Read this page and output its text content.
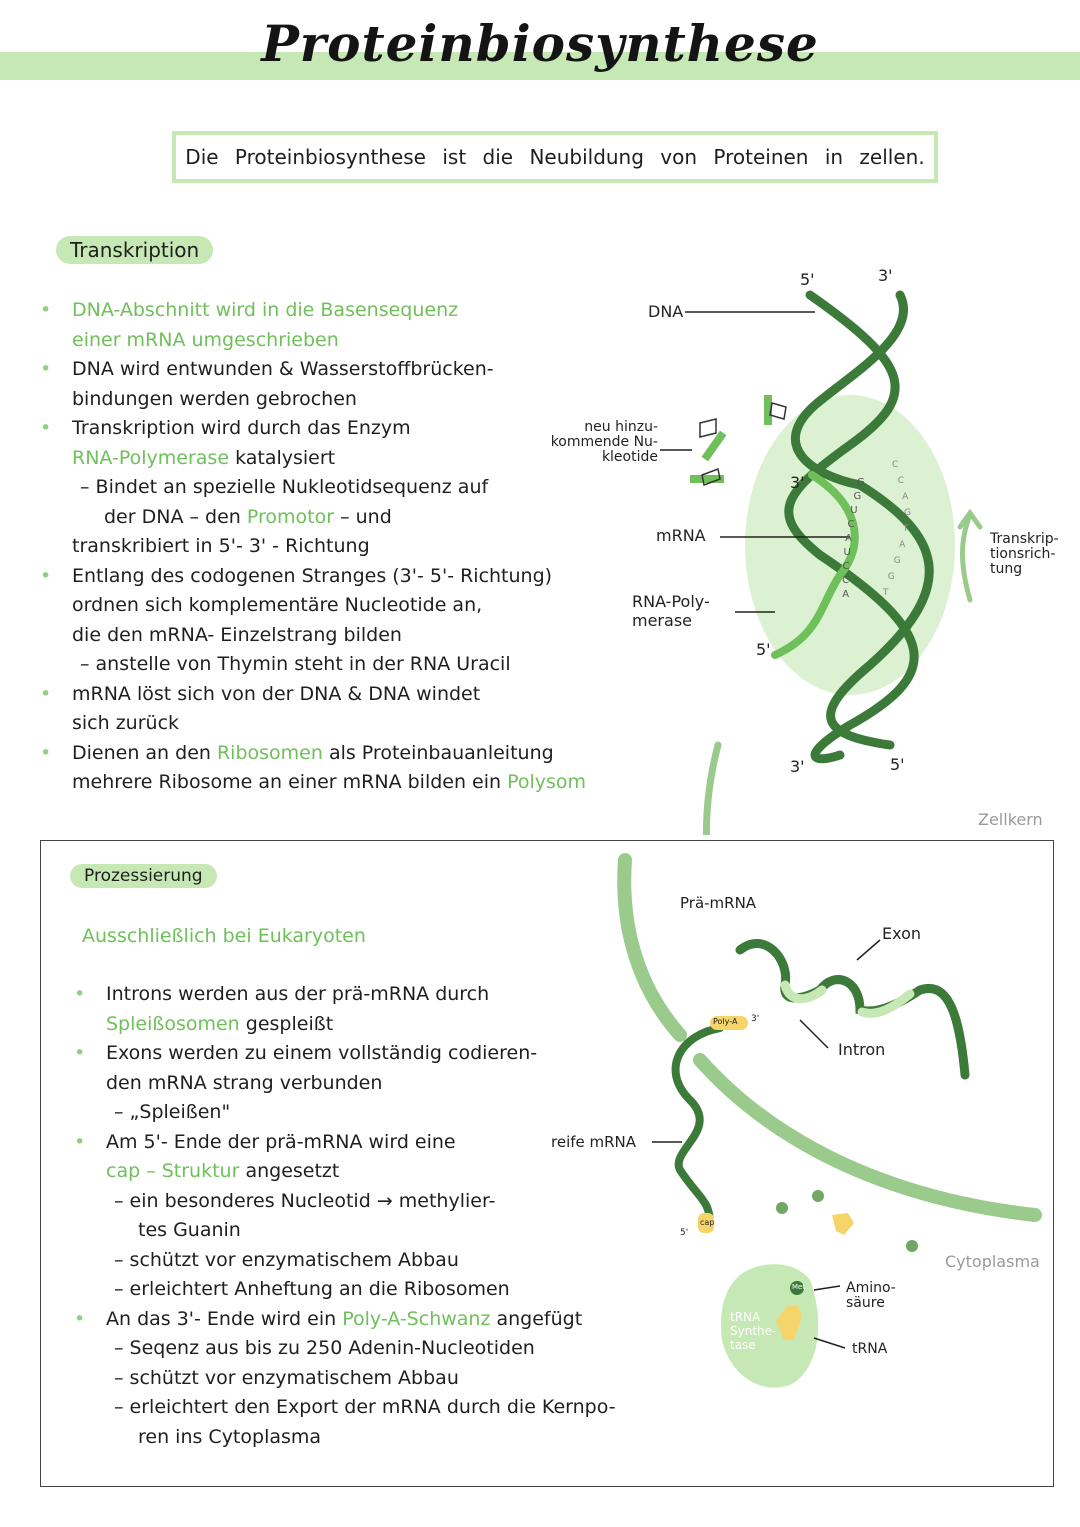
Proteinbiosynthese
Die Proteinbiosynthese ist die Neubildung von Proteinen in zellen.
Transkription
• DNA-Abschnitt wird in die Basensequenz
einer mRNA umgeschrieben
• DNA wird entwunden & Wasserstoffbrücken-
bindungen werden gebrochen
• Transkription wird durch das Enzym
RNA-Polymerase katalysiert
– Bindet an spezielle Nukleotidsequenz auf
der DNA – den Promotor – und
transkribiert in 5'- 3' - Richtung
• Entlang des codogenen Stranges (3'- 5'- Richtung)
ordnen sich komplementäre Nucleotide an,
die den mRNA- Einzelstrang bilden
– anstelle von Thymin steht in der RNA Uracil
• mRNA löst sich von der DNA & DNA windet
sich zurück
• Dienen an den Ribosomen als Proteinbauanleitung
mehrere Ribosome an einer mRNA bilden ein Polysom
G
G
U
C
A
U
C
C
A
C
C
A
G
T
A
G
G
T
5'	3'
3'	5'
3'
5'
DNA
neu hinzu-
kommende Nu-
kleotide
mRNA
RNA-Poly-
merase
Transkrip-
tionsrich-
tung
Zellkern
Prozessierung
Ausschließlich bei Eukaryoten
• Introns werden aus der prä-mRNA durch
Spleißosomen gespleißt
• Exons werden zu einem vollständig codieren-
den mRNA strang verbunden
– „Spleißen"
• Am 5'- Ende der prä-mRNA wird eine
cap – Struktur angesetzt
– ein besonderes Nucleotid → methylier-
tes Guanin
– schützt vor enzymatischem Abbau
– erleichtert Anheftung an die Ribosomen
• An das 3'- Ende wird ein Poly-A-Schwanz angefügt
– Seqenz aus bis zu 250 Adenin-Nucleotiden
– schützt vor enzymatischem Abbau
– erleichtert den Export der mRNA durch die Kernpo-
ren ins Cytoplasma
Prä-mRNA
Exon
Intron
reife mRNA
Poly-A 3'
5'
cap
Cytoplasma
Amino-
säure
tRNA
Met
tRNA
Synthe-
tase
